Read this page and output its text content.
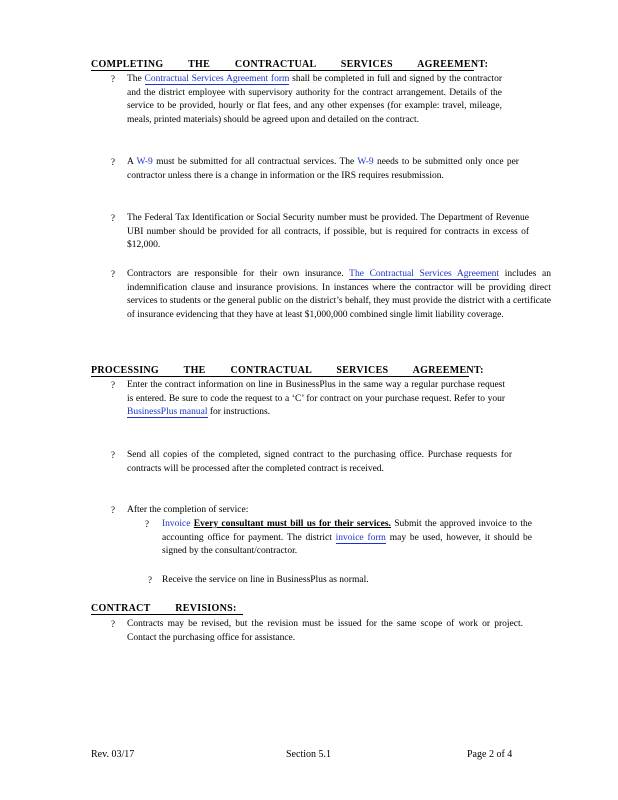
COMPLETING THE CONTRACTUAL SERVICES AGREEMENT:
? The Contractual Services Agreement form shall be completed in full and signed by the contractor and the district employee with supervisory authority for the contract arrangement. Details of the service to be provided, hourly or flat fees, and any other expenses (for example: travel, mileage, meals, printed materials) should be agreed upon and detailed on the contract.
? A W-9 must be submitted for all contractual services. The W-9 needs to be submitted only once per contractor unless there is a change in information or the IRS requires resubmission.
? The Federal Tax Identification or Social Security number must be provided. The Department of Revenue UBI number should be provided for all contracts, if possible, but is required for contracts in excess of $12,000.
? Contractors are responsible for their own insurance. The Contractual Services Agreement includes an indemnification clause and insurance provisions. In instances where the contractor will be providing direct services to students or the general public on the district’s behalf, they must provide the district with a certificate of insurance evidencing that they have at least $1,000,000 combined single limit liability coverage.
PROCESSING THE CONTRACTUAL SERVICES AGREEMENT:
? Enter the contract information on line in BusinessPlus in the same way a regular purchase request is entered. Be sure to code the request to a ‘C’ for contract on your purchase request. Refer to your BusinessPlus manual for instructions.
? Send all copies of the completed, signed contract to the purchasing office. Purchase requests for contracts will be processed after the completed contract is received.
? After the completion of service:
? Invoice Every consultant must bill us for their services. Submit the approved invoice to the accounting office for payment. The district invoice form may be used, however, it should be signed by the consultant/contractor.
? Receive the service on line in BusinessPlus as normal.
CONTRACT REVISIONS:
? Contracts may be revised, but the revision must be issued for the same scope of work or project. Contact the purchasing office for assistance.
Rev. 03/17	Section 5.1	Page 2 of 4
